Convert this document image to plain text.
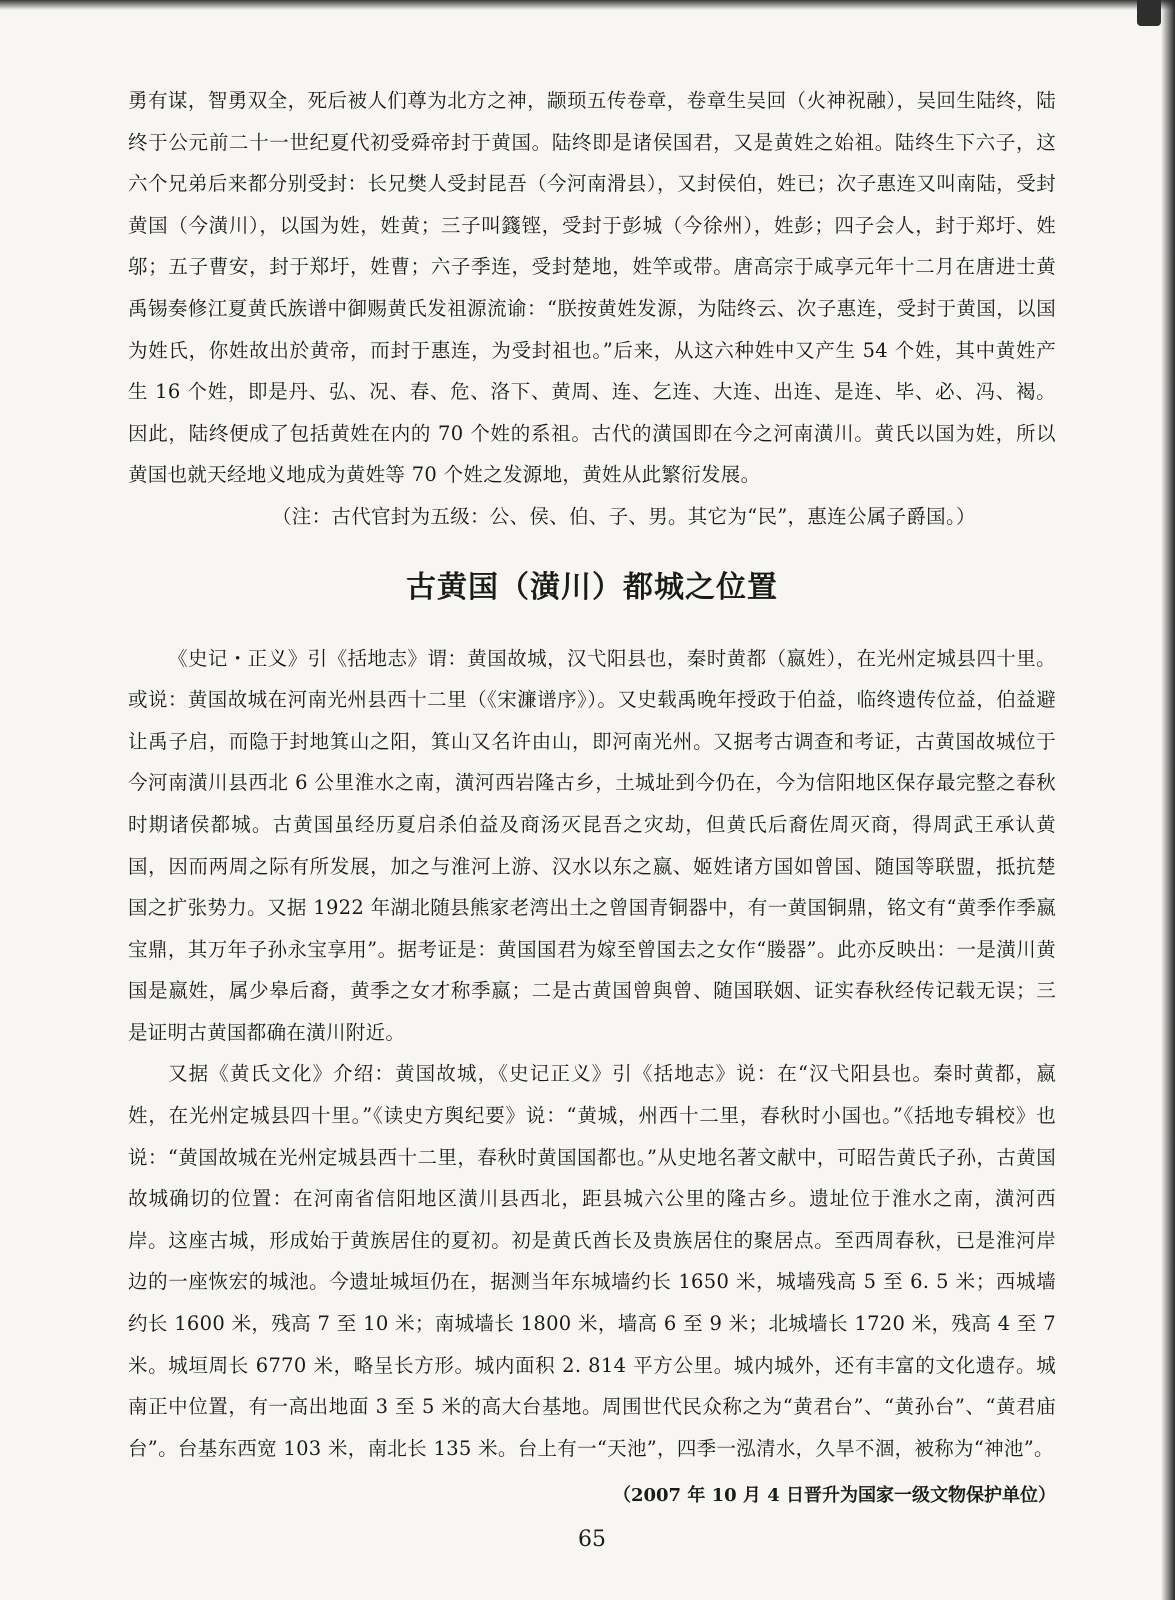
勇有谋，智勇双全，死后被人们尊为北方之神，颛顼五传卷章，卷章生吴回（火神祝融），吴回生陆终，陆终于公元前二十一世纪夏代初受舜帝封于黄国。陆终即是诸侯国君，又是黄姓之始祖。陆终生下六子，这六个兄弟后来都分别受封：长兄樊人受封昆吾（今河南滑县），又封侯伯，姓已；次子惠连又叫南陆，受封黄国（今潢川），以国为姓，姓黄；三子叫籛铿，受封于彭城（今徐州），姓彭；四子会人，封于郑圩、姓邬；五子曹安，封于郑圩，姓曹；六子季连，受封楚地，姓竿或带。唐高宗于咸享元年十二月在唐进士黄禹锡奏修江夏黄氏族谱中御赐黄氏发祖源流谕：“朕按黄姓发源，为陆终云、次子惠连，受封于黄国，以国为姓氏，你姓故出於黄帝，而封于惠连，为受封祖也。”后来，从这六种姓中又产生 54 个姓，其中黄姓产生 16 个姓，即是丹、弘、况、春、危、洛下、黄周、连、乞连、大连、出连、是连、毕、必、冯、褐。因此，陆终便成了包括黄姓在内的 70 个姓的系祖。古代的潢国即在今之河南潢川。黄氏以国为姓，所以黄国也就天经地义地成为黄姓等 70 个姓之发源地，黄姓从此繁衍发展。

（注：古代官封为五级：公、侯、伯、子、男。其它为“民”，惠连公属子爵国。）

古黄国（潢川）都城之位置

《史记・正义》引《括地志》谓：黄国故城，汉弋阳县也，秦时黄都（嬴姓），在光州定城县四十里。或说：黄国故城在河南光州县西十二里（《宋濂谱序》）。又史载禹晚年授政于伯益，临终遗传位益，伯益避让禹子启，而隐于封地箕山之阳，箕山又名许由山，即河南光州。又据考古调查和考证，古黄国故城位于今河南潢川县西北 6 公里淮水之南，潢河西岩隆古乡，土城址到今仍在，今为信阳地区保存最完整之春秋时期诸侯都城。古黄国虽经历夏启杀伯益及商汤灭昆吾之灾劫，但黄氏后裔佐周灭商，得周武王承认黄国，因而两周之际有所发展，加之与淮河上游、汉水以东之嬴、姬姓诸方国如曾国、随国等联盟，抵抗楚国之扩张势力。又据 1922 年湖北随县熊家老湾出土之曾国青铜器中，有一黄国铜鼎，铭文有“黄季作季嬴宝鼎，其万年子孙永宝享用”。据考证是：黄国国君为嫁至曾国去之女作“媵器”。此亦反映出：一是潢川黄国是嬴姓，属少皋后裔，黄季之女才称季嬴；二是古黄国曾與曾、随国联姻、证实春秋经传记载无误；三是证明古黄国都确在潢川附近。

又据《黄氏文化》介绍：黄国故城，《史记正义》引《括地志》说：在“汉弋阳县也。秦时黄都，嬴姓，在光州定城县四十里。”《读史方舆纪要》说：“黄城，州西十二里，春秋时小国也。”《括地专辑校》也说：“黄国故城在光州定城县西十二里，春秋时黄国国都也。”从史地名著文献中，可昭告黄氏子孙，古黄国故城确切的位置：在河南省信阳地区潢川县西北，距县城六公里的隆古乡。遗址位于淮水之南，潢河西岸。这座古城，形成始于黄族居住的夏初。初是黄氏酋长及贵族居住的聚居点。至西周春秋，已是淮河岸边的一座恢宏的城池。今遗址城垣仍在，据测当年东城墙约长 1650 米，城墙残高 5 至 6. 5 米；西城墙约长 1600 米，残高 7 至 10 米；南城墙长 1800 米，墙高 6 至 9 米；北城墙长 1720 米，残高 4 至 7 米。城垣周长 6770 米，略呈长方形。城内面积 2. 814 平方公里。城内城外，还有丰富的文化遗存。城南正中位置，有一高出地面 3 至 5 米的高大台基地。周围世代民众称之为“黄君台”、“黄孙台”、“黄君庙台”。台基东西宽 103 米，南北长 135 米。台上有一“天池”，四季一泓清水，久旱不涸，被称为“神池”。

（2007 年 10 月 4 日晋升为国家一级文物保护单位）
65
